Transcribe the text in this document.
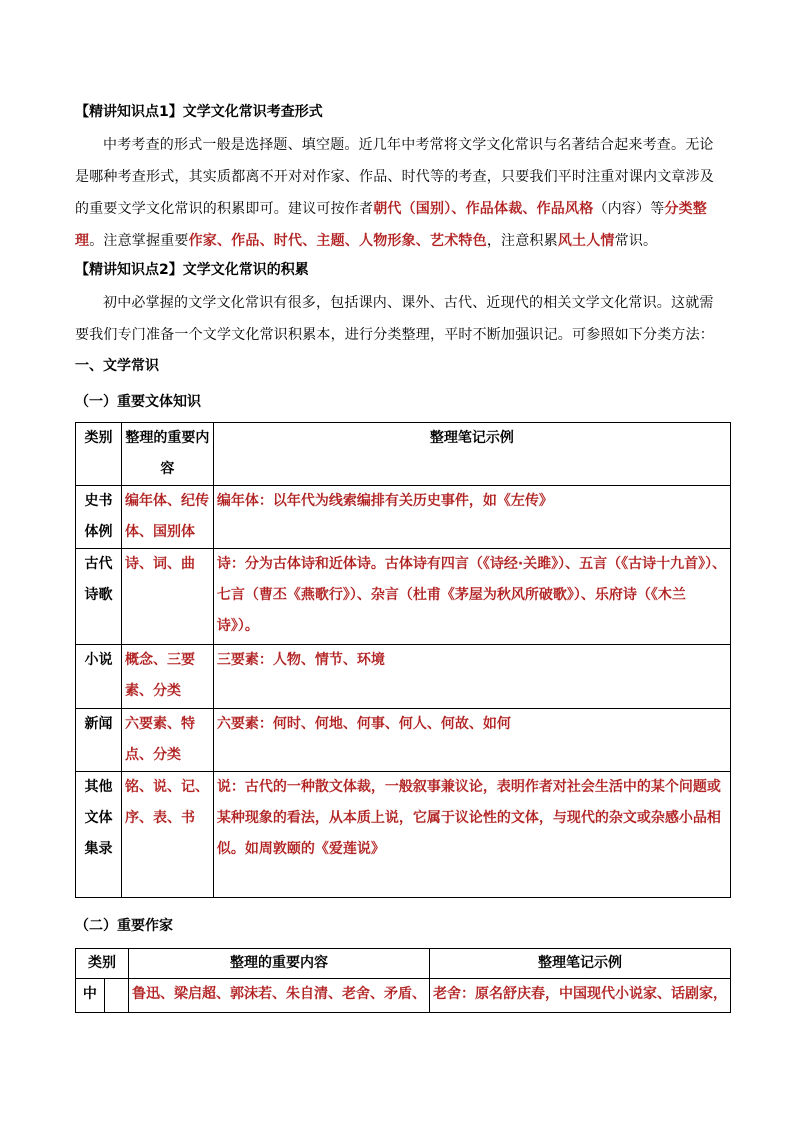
【精讲知识点1】文学文化常识考查形式
中考考查的形式一般是选择题、填空题。近几年中考常将文学文化常识与名著结合起来考查。无论是哪种考查形式，其实质都离不开对对作家、作品、时代等的考查，只要我们平时注重对课内文章涉及的重要文学文化常识的积累即可。建议可按作者朝代（国别）、作品体裁、作品风格（内容）等分类整理。注意掌握重要作家、作品、时代、主题、人物形象、艺术特色，注意积累风土人情常识。
【精讲知识点2】文学文化常识的积累
初中必掌握的文学文化常识有很多，包括课内、课外、古代、近现代的相关文学文化常识。这就需要我们专门准备一个文学文化常识积累本，进行分类整理，平时不断加强识记。可参照如下分类方法：
一、文学常识
（一）重要文体知识
类别	整理的重要内容	整理笔记示例
史书体例	编年体、纪传体、国别体	编年体：以年代为线索编排有关历史事件，如《左传》
古代诗歌	诗、词、曲	诗：分为古体诗和近体诗。古体诗有四言（《诗经·关雎》）、五言（《古诗十九首》）、七言（曹丕《燕歌行》）、杂言（杜甫《茅屋为秋风所破歌》）、乐府诗（《木兰诗》）。
小说	概念、三要素、分类	三要素：人物、情节、环境
新闻	六要素、特点、分类	六要素：何时、何地、何事、何人、何故、如何
其他文体集录	铭、说、记、序、表、书	说：古代的一种散文体裁，一般叙事兼议论，表明作者对社会生活中的某个问题或某种现象的看法，从本质上说，它属于议论性的文体，与现代的杂文或杂感小品相似。如周敦颐的《爱莲说》
（二）重要作家
类别		整理的重要内容	整理笔记示例
中		鲁迅、梁启超、郭沫若、朱自清、老舍、矛盾、	老舍：原名舒庆春，中国现代小说家、话剧家，
